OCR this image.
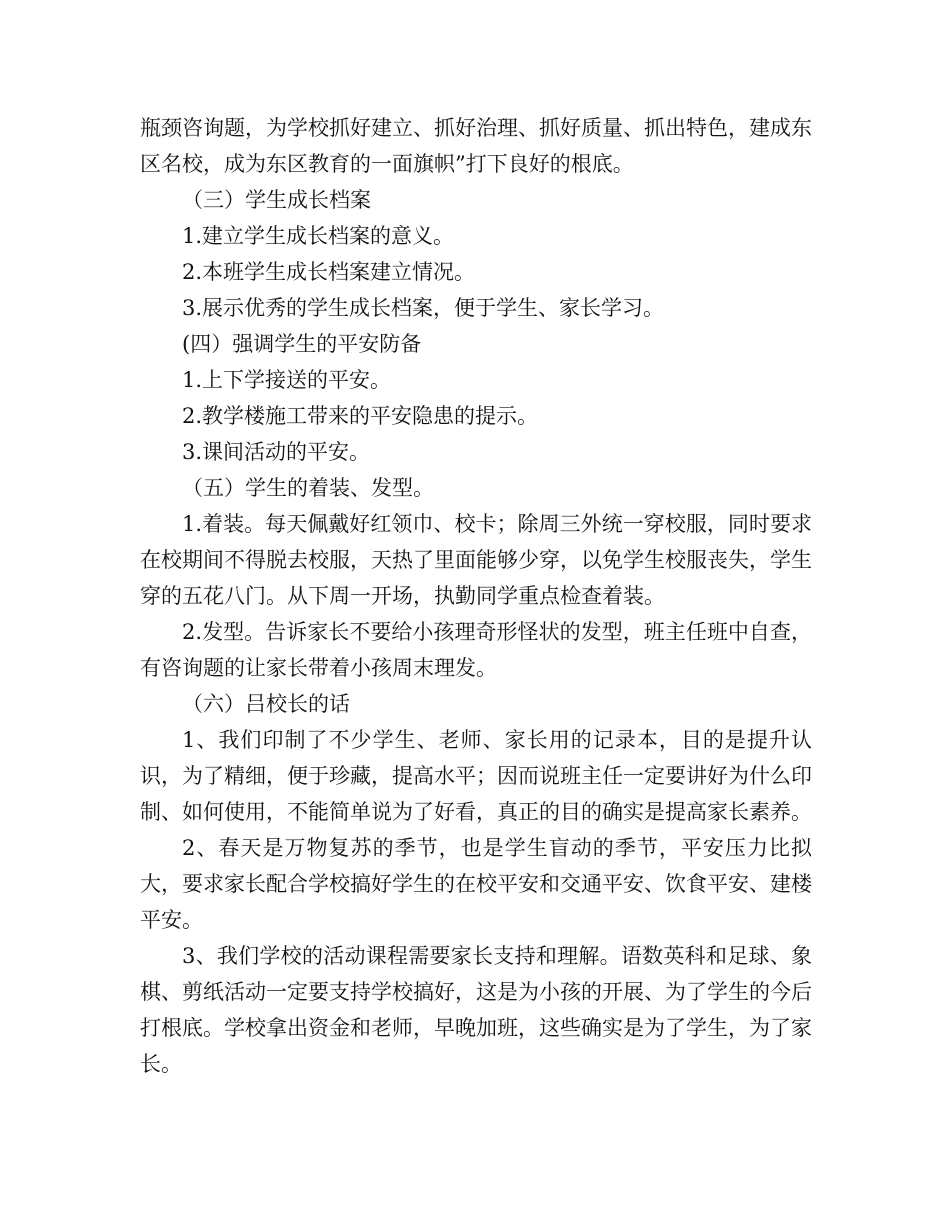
瓶颈咨询题，为学校抓好建立、抓好治理、抓好质量、抓出特色，建成东区名校，成为东区教育的一面旗帜”打下良好的根底。

（三）学生成长档案

1.建立学生成长档案的意义。

2.本班学生成长档案建立情况。

3.展示优秀的学生成长档案，便于学生、家长学习。

(四）强调学生的平安防备

1.上下学接送的平安。

2.教学楼施工带来的平安隐患的提示。

3.课间活动的平安。

（五）学生的着装、发型。

1.着装。每天佩戴好红领巾、校卡；除周三外统一穿校服，同时要求在校期间不得脱去校服，天热了里面能够少穿，以免学生校服丧失，学生穿的五花八门。从下周一开场，执勤同学重点检查着装。

2.发型。告诉家长不要给小孩理奇形怪状的发型，班主任班中自查，有咨询题的让家长带着小孩周末理发。

（六）吕校长的话

1、我们印制了不少学生、老师、家长用的记录本，目的是提升认识，为了精细，便于珍藏，提高水平；因而说班主任一定要讲好为什么印制、如何使用，不能简单说为了好看，真正的目的确实是提高家长素养。

2、春天是万物复苏的季节，也是学生盲动的季节，平安压力比拟大，要求家长配合学校搞好学生的在校平安和交通平安、饮食平安、建楼平安。

3、我们学校的活动课程需要家长支持和理解。语数英科和足球、象棋、剪纸活动一定要支持学校搞好，这是为小孩的开展、为了学生的今后打根底。学校拿出资金和老师，早晚加班，这些确实是为了学生，为了家长。
